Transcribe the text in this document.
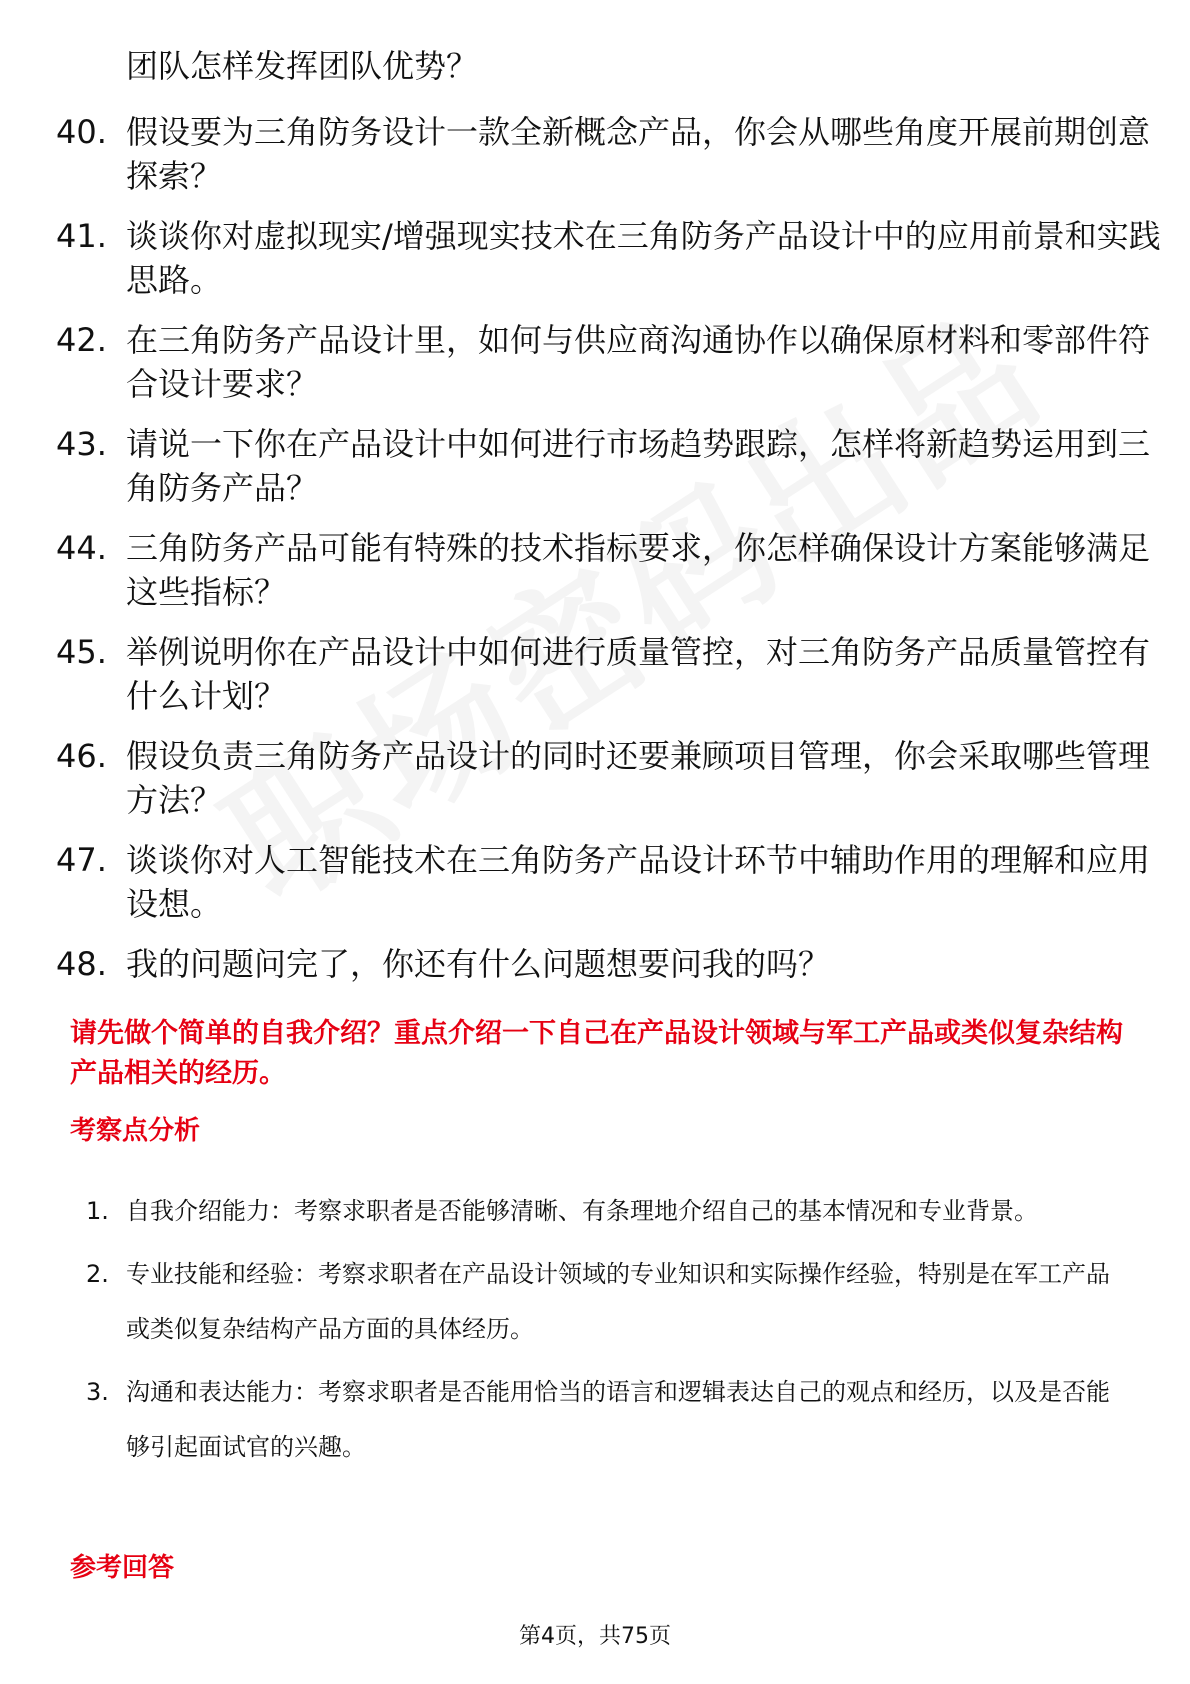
团队怎样发挥团队优势？

40. 假设要为三角防务设计一款全新概念产品，你会从哪些角度开展前期创意探索？
41. 谈谈你对虚拟现实/增强现实技术在三角防务产品设计中的应用前景和实践思路。
42. 在三角防务产品设计里，如何与供应商沟通协作以确保原材料和零部件符合设计要求？
43. 请说一下你在产品设计中如何进行市场趋势跟踪，怎样将新趋势运用到三角防务产品？
44. 三角防务产品可能有特殊的技术指标要求，你怎样确保设计方案能够满足这些指标？
45. 举例说明你在产品设计中如何进行质量管控，对三角防务产品质量管控有什么计划？
46. 假设负责三角防务产品设计的同时还要兼顾项目管理，你会采取哪些管理方法？
47. 谈谈你对人工智能技术在三角防务产品设计环节中辅助作用的理解和应用设想。
48. 我的问题问完了，你还有什么问题想要问我的吗？

请先做个简单的自我介绍？重点介绍一下自己在产品设计领域与军工产品或类似复杂结构产品相关的经历。

考察点分析
1. 自我介绍能力：考察求职者是否能够清晰、有条理地介绍自己的基本情况和专业背景。
2. 专业技能和经验：考察求职者在产品设计领域的专业知识和实际操作经验，特别是在军工产品或类似复杂结构产品方面的具体经历。
3. 沟通和表达能力：考察求职者是否能用恰当的语言和逻辑表达自己的观点和经历，以及是否能够引起面试官的兴趣。
参考回答
第4页，共75页
